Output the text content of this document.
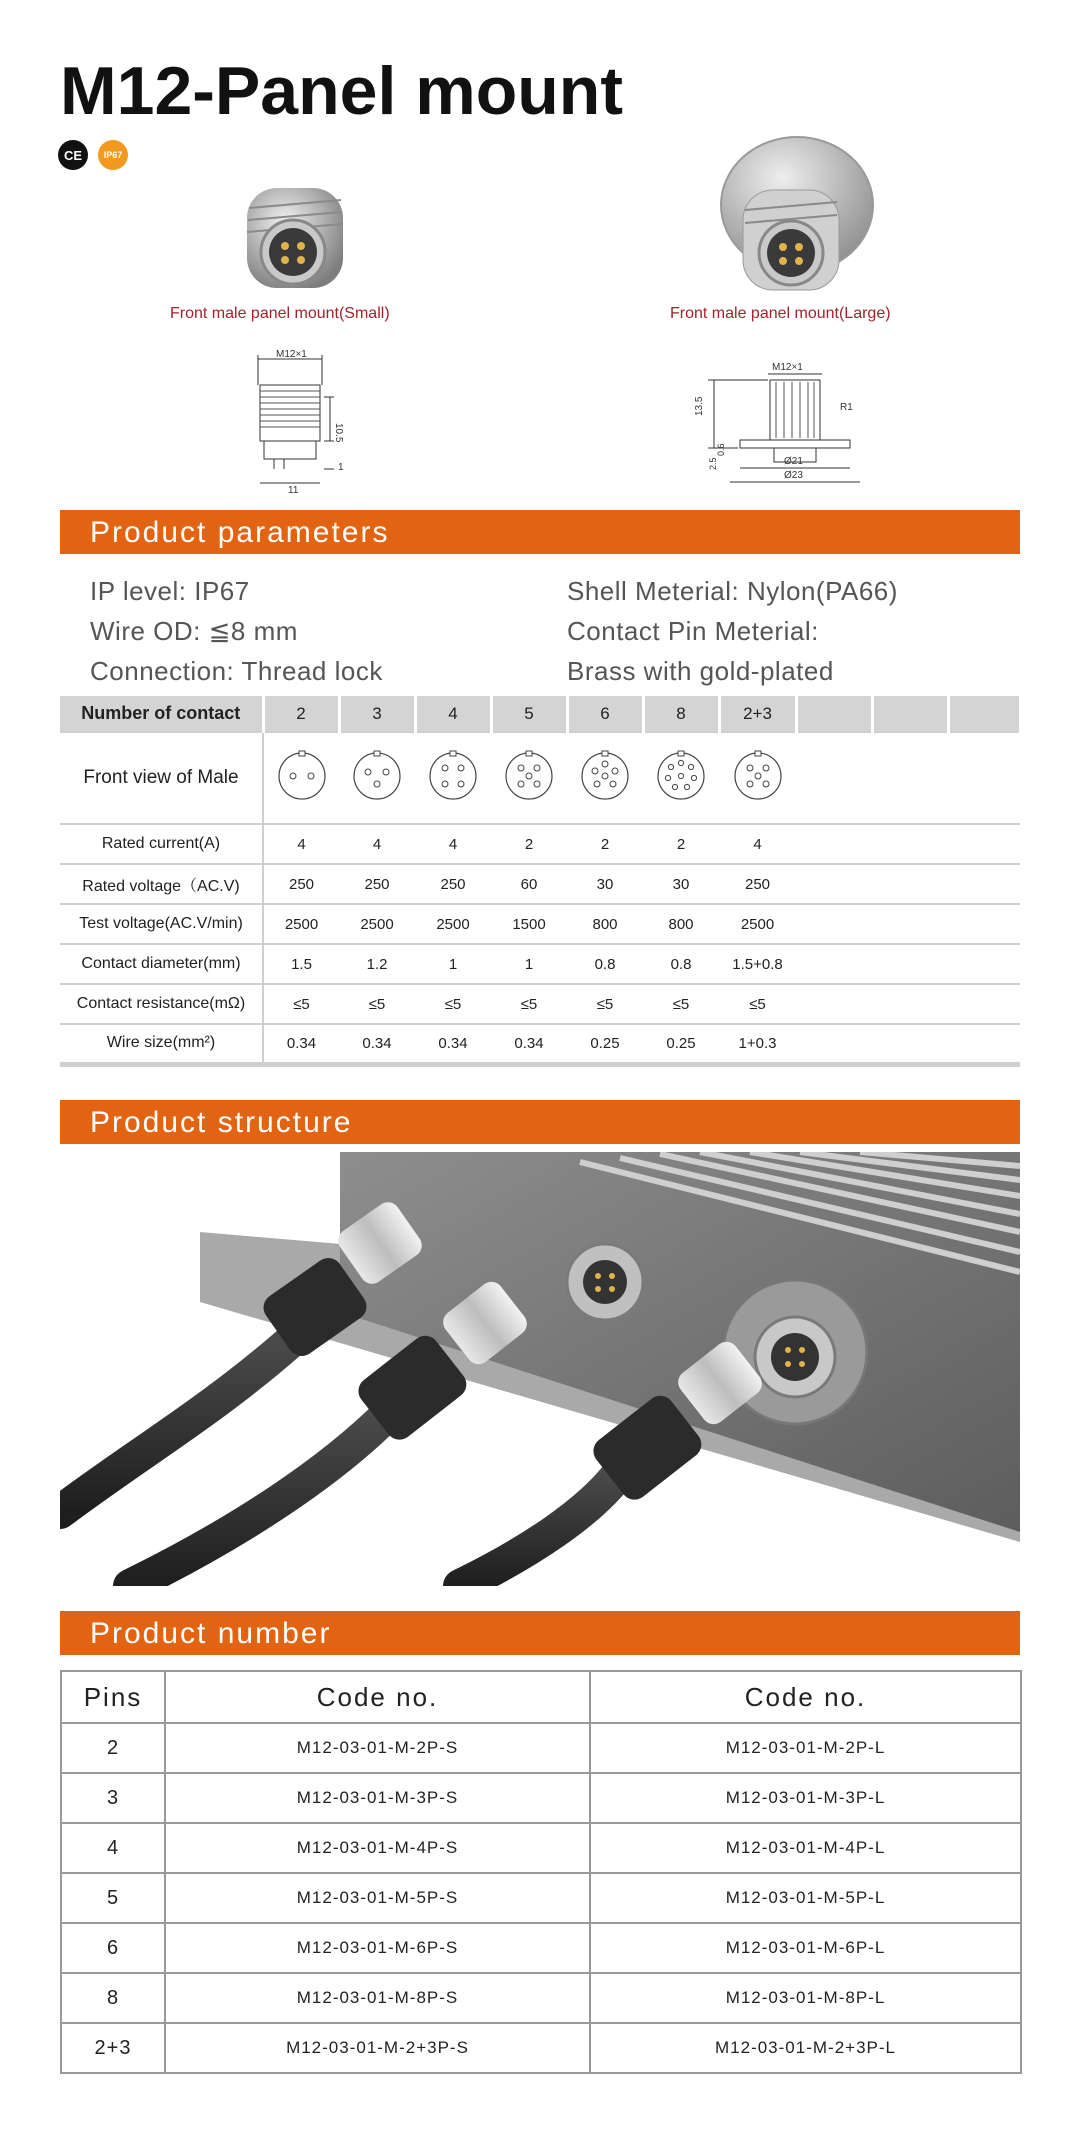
M12-Panel mount
CE	IP67
Front male panel mount(Small)	Front male panel mount(Large)
M12×1
10.5
1
11
M12×1
13.5	R1
0.6
2.5	Ø21
Ø23
Product parameters
IP level: IP67
Wire OD: ≦8 mm
Connection: Thread lock
Shell Meterial: Nylon(PA66)
Contact Pin Meterial:
Brass with gold-plated
Number of contact	2	3	4	5	6	8	2+3			
Front view of Male										
Rated current(A)	4	4	4	2	2	2	4			
Rated voltage（AC.V)	250	250	250	60	30	30	250			
Test voltage(AC.V/min)	2500	2500	2500	1500	800	800	2500			
Contact diameter(mm)	1.5	1.2	1	1	0.8	0.8	1.5+0.8			
Contact resistance(mΩ)	≤5	≤5	≤5	≤5	≤5	≤5	≤5			
Wire size(mm²)	0.34	0.34	0.34	0.34	0.25	0.25	1+0.3			
Product structure
Product number
Pins	Code no.	Code no.
2	M12-03-01-M-2P-S	M12-03-01-M-2P-L
3	M12-03-01-M-3P-S	M12-03-01-M-3P-L
4	M12-03-01-M-4P-S	M12-03-01-M-4P-L
5	M12-03-01-M-5P-S	M12-03-01-M-5P-L
6	M12-03-01-M-6P-S	M12-03-01-M-6P-L
8	M12-03-01-M-8P-S	M12-03-01-M-8P-L
2+3	M12-03-01-M-2+3P-S	M12-03-01-M-2+3P-L
